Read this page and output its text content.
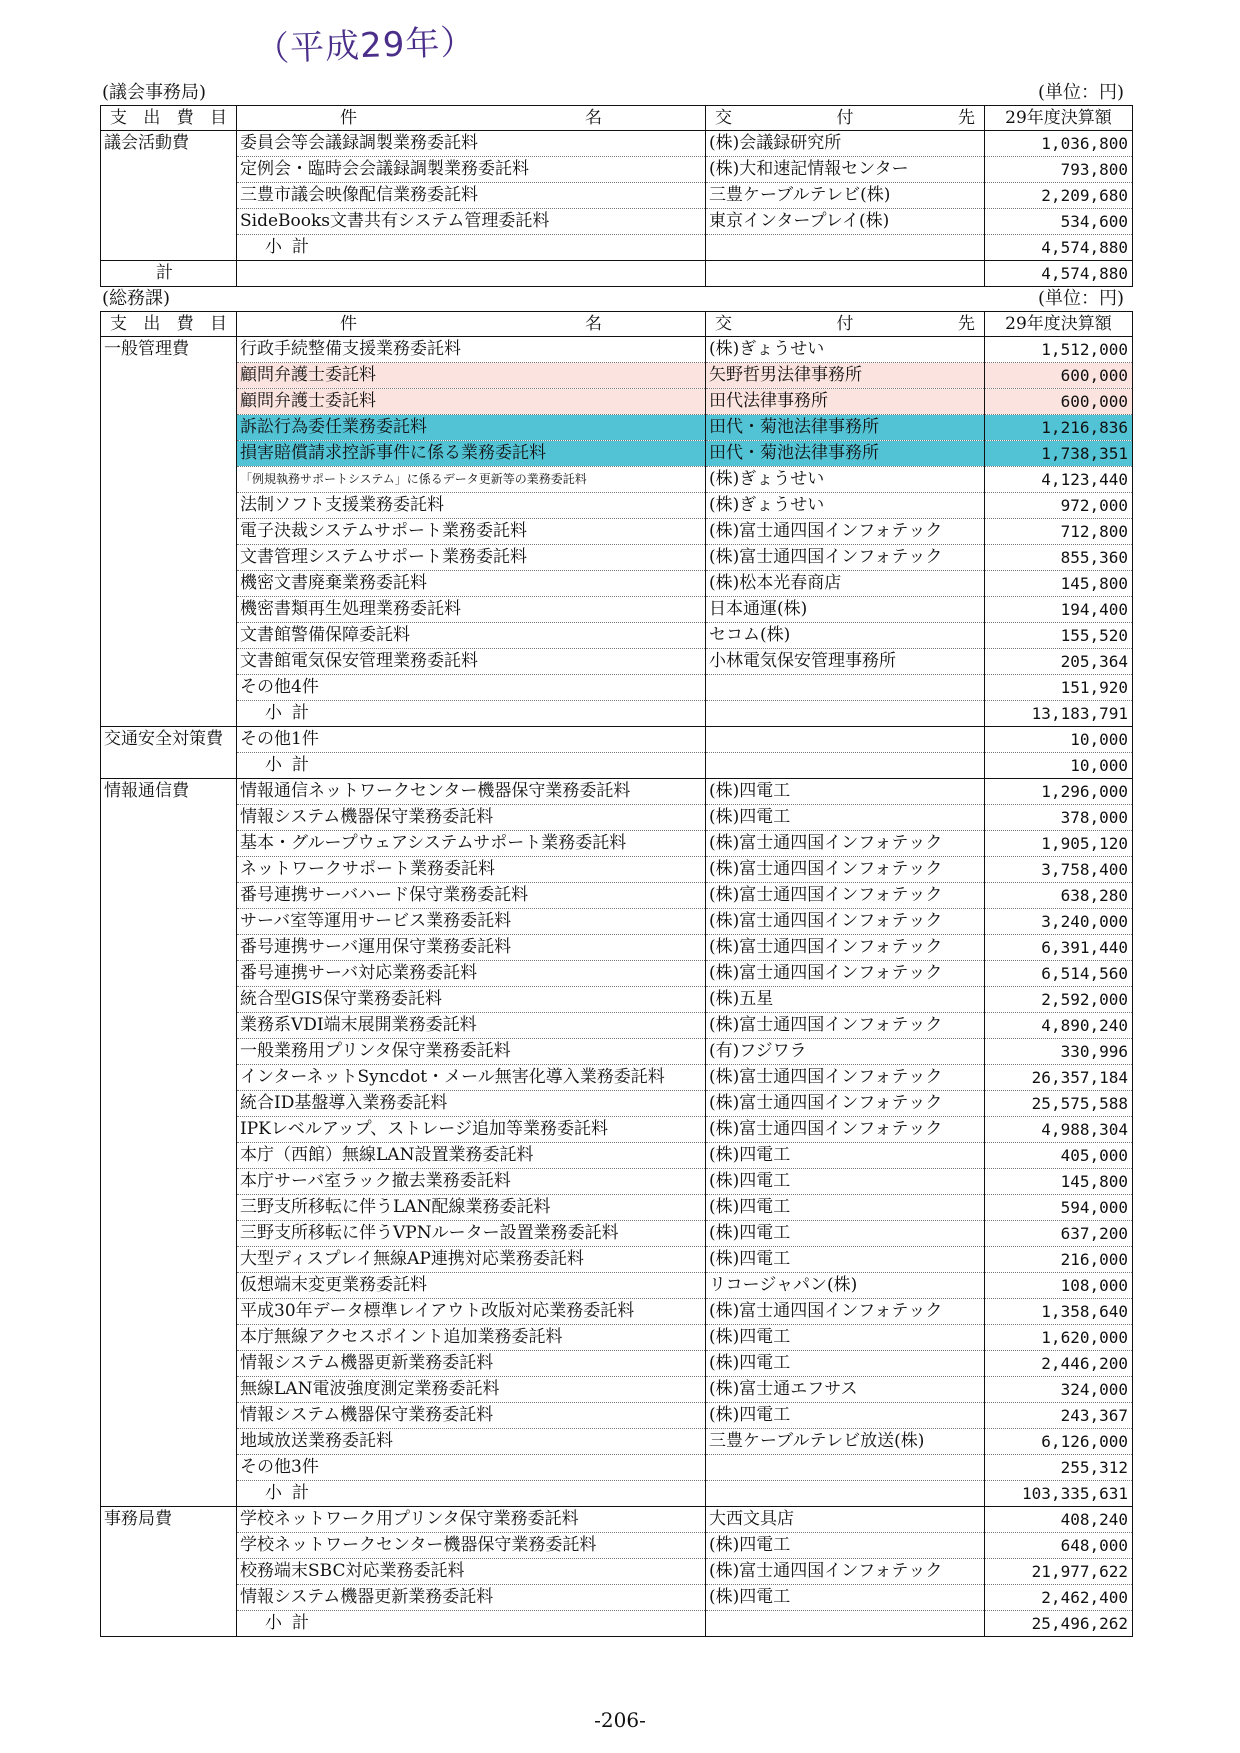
（平成29年）
(議会事務局)	(単位：円)
支 出 費 目	件 名	交 付 先	29年度決算額
議会活動費	委員会等会議録調製業務委託料	(株)会議録研究所	1,036,800
	定例会・臨時会会議録調製業務委託料	(株)大和速記情報センター	793,800
	三豊市議会映像配信業務委託料	三豊ケーブルテレビ(株)	2,209,680
	SideBooks文書共有システム管理委託料	東京インタープレイ(株)	534,600
	小計		4,574,880
計			4,574,880
(総務課)	(単位：円)
支 出 費 目	件 名	交 付 先	29年度決算額
一般管理費	行政手続整備支援業務委託料	(株)ぎょうせい	1,512,000
	顧問弁護士委託料	矢野哲男法律事務所	600,000
	顧問弁護士委託料	田代法律事務所	600,000
	訴訟行為委任業務委託料	田代・菊池法律事務所	1,216,836
	損害賠償請求控訴事件に係る業務委託料	田代・菊池法律事務所	1,738,351
	「例規執務サポートシステム」に係るデータ更新等の業務委託料	(株)ぎょうせい	4,123,440
	法制ソフト支援業務委託料	(株)ぎょうせい	972,000
	電子決裁システムサポート業務委託料	(株)富士通四国インフォテック	712,800
	文書管理システムサポート業務委託料	(株)富士通四国インフォテック	855,360
	機密文書廃棄業務委託料	(株)松本光春商店	145,800
	機密書類再生処理業務委託料	日本通運(株)	194,400
	文書館警備保障委託料	セコム(株)	155,520
	文書館電気保安管理業務委託料	小林電気保安管理事務所	205,364
	その他4件		151,920
	小計		13,183,791
交通安全対策費	その他1件		10,000
	小計		10,000
情報通信費	情報通信ネットワークセンター機器保守業務委託料	(株)四電工	1,296,000
	情報システム機器保守業務委託料	(株)四電工	378,000
	基本・グループウェアシステムサポート業務委託料	(株)富士通四国インフォテック	1,905,120
	ネットワークサポート業務委託料	(株)富士通四国インフォテック	3,758,400
	番号連携サーバハード保守業務委託料	(株)富士通四国インフォテック	638,280
	サーバ室等運用サービス業務委託料	(株)富士通四国インフォテック	3,240,000
	番号連携サーバ運用保守業務委託料	(株)富士通四国インフォテック	6,391,440
	番号連携サーバ対応業務委託料	(株)富士通四国インフォテック	6,514,560
	統合型GIS保守業務委託料	(株)五星	2,592,000
	業務系VDI端末展開業務委託料	(株)富士通四国インフォテック	4,890,240
	一般業務用プリンタ保守業務委託料	(有)フジワラ	330,996
	インターネットSyncdot・メール無害化導入業務委託料	(株)富士通四国インフォテック	26,357,184
	統合ID基盤導入業務委託料	(株)富士通四国インフォテック	25,575,588
	IPKレベルアップ、ストレージ追加等業務委託料	(株)富士通四国インフォテック	4,988,304
	本庁（西館）無線LAN設置業務委託料	(株)四電工	405,000
	本庁サーバ室ラック撤去業務委託料	(株)四電工	145,800
	三野支所移転に伴うLAN配線業務委託料	(株)四電工	594,000
	三野支所移転に伴うVPNルーター設置業務委託料	(株)四電工	637,200
	大型ディスプレイ無線AP連携対応業務委託料	(株)四電工	216,000
	仮想端末変更業務委託料	リコージャパン(株)	108,000
	平成30年データ標準レイアウト改版対応業務委託料	(株)富士通四国インフォテック	1,358,640
	本庁無線アクセスポイント追加業務委託料	(株)四電工	1,620,000
	情報システム機器更新業務委託料	(株)四電工	2,446,200
	無線LAN電波強度測定業務委託料	(株)富士通エフサス	324,000
	情報システム機器保守業務委託料	(株)四電工	243,367
	地域放送業務委託料	三豊ケーブルテレビ放送(株)	6,126,000
	その他3件		255,312
	小計		103,335,631
事務局費	学校ネットワーク用プリンタ保守業務委託料	大西文具店	408,240
	学校ネットワークセンター機器保守業務委託料	(株)四電工	648,000
	校務端末SBC対応業務委託料	(株)富士通四国インフォテック	21,977,622
	情報システム機器更新業務委託料	(株)四電工	2,462,400
	小計		25,496,262
-206-
